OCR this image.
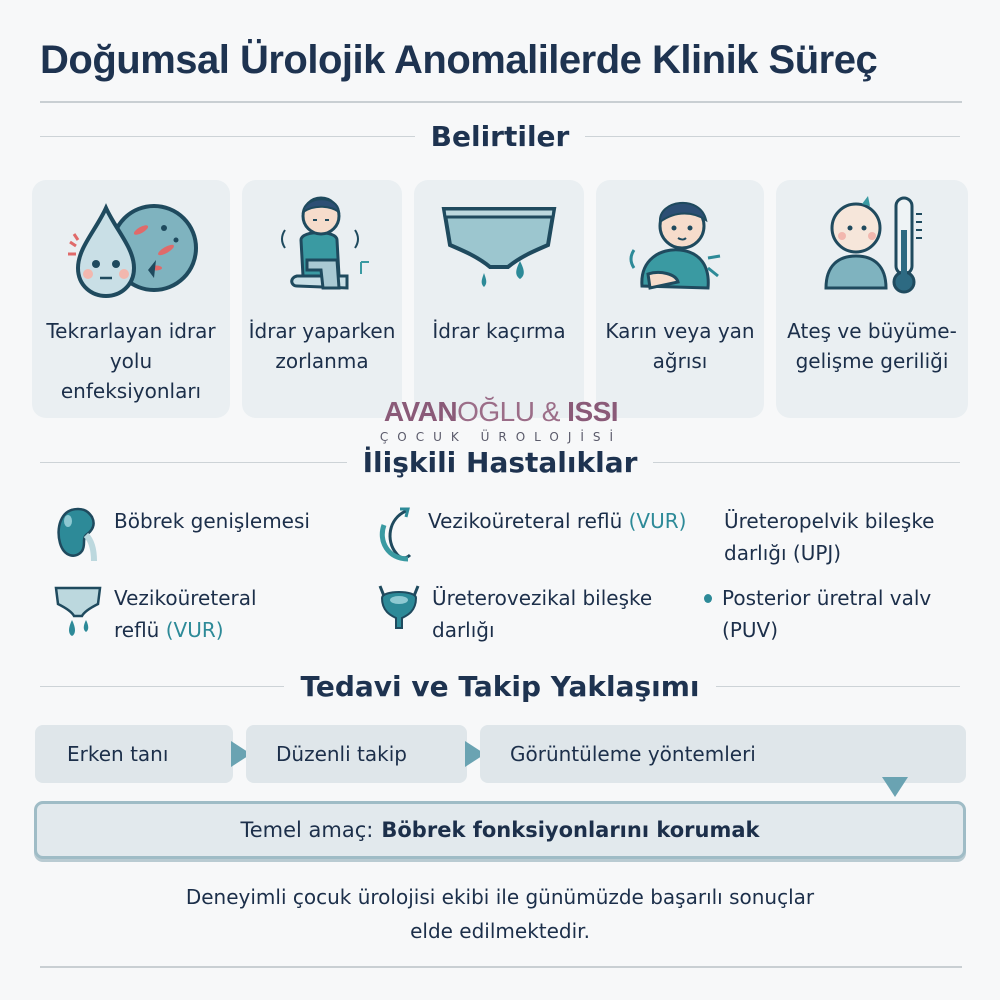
Doğumsal Ürolojik Anomalilerde Klinik Süreç
Belirtiler
Tekrarlayan idrar yolu enfeksiyonları
İdrar yaparken zorlanma
İdrar kaçırma	Karın veya yan ağrısı
Ateş ve büyüme-gelişme geriliği
AVANOĞLU & ISSI
ÇOCUK ÜROLOJİSİ
İlişkili Hastalıklar
Böbrek genişlemesi	Vezikoüreteral reflü (VUR) Üreteropelvik bileşke darlığı (UPJ)
Vezikoüreteral reflü (VUR)
Üreterovezikal bileşke darlığı
Posterior üretral valv (PUV)
Tedavi ve Takip Yaklaşımı
Erken tanı	Düzenli takip	Görüntüleme yöntemleri
Temel amaç: Böbrek fonksiyonlarını korumak
Deneyimli çocuk ürolojisi ekibi ile günümüzde başarılı sonuçlar
elde edilmektedir.
